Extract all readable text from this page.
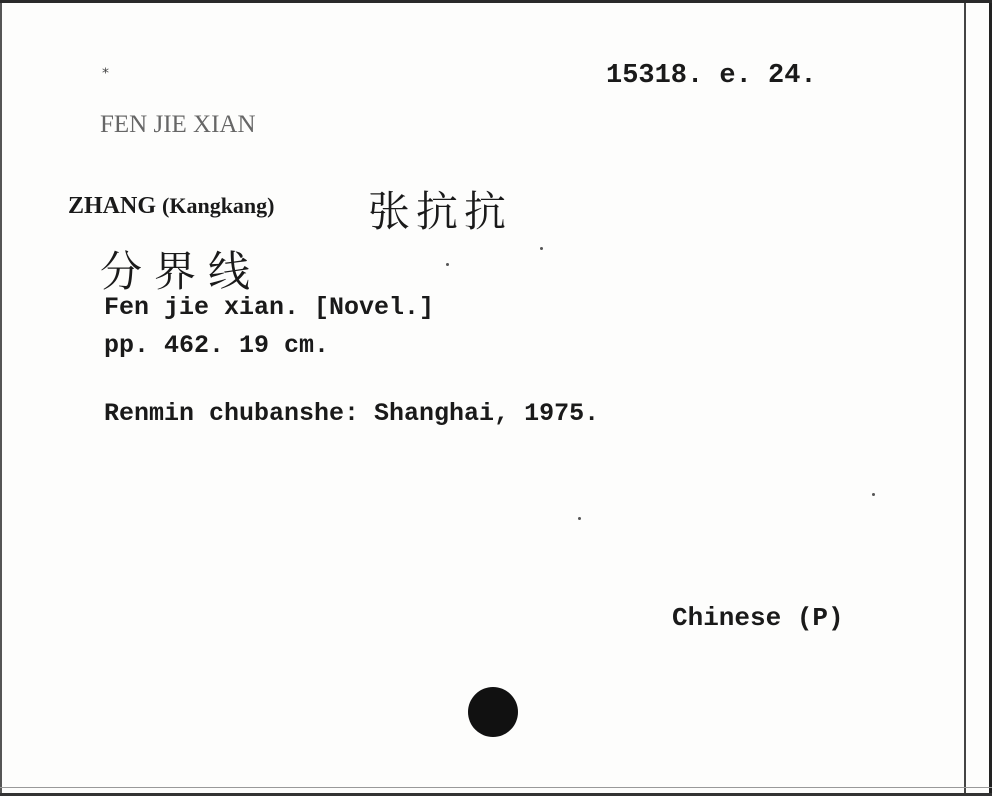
⁎	15318. e. 24.
FEN JIE XIAN
ZHANG (Kangkang) 张抗抗
分界线
Fen jie xian. [Novel.]
pp. 462. 19 cm.
Renmin chubanshe: Shanghai, 1975.
Chinese (P)
